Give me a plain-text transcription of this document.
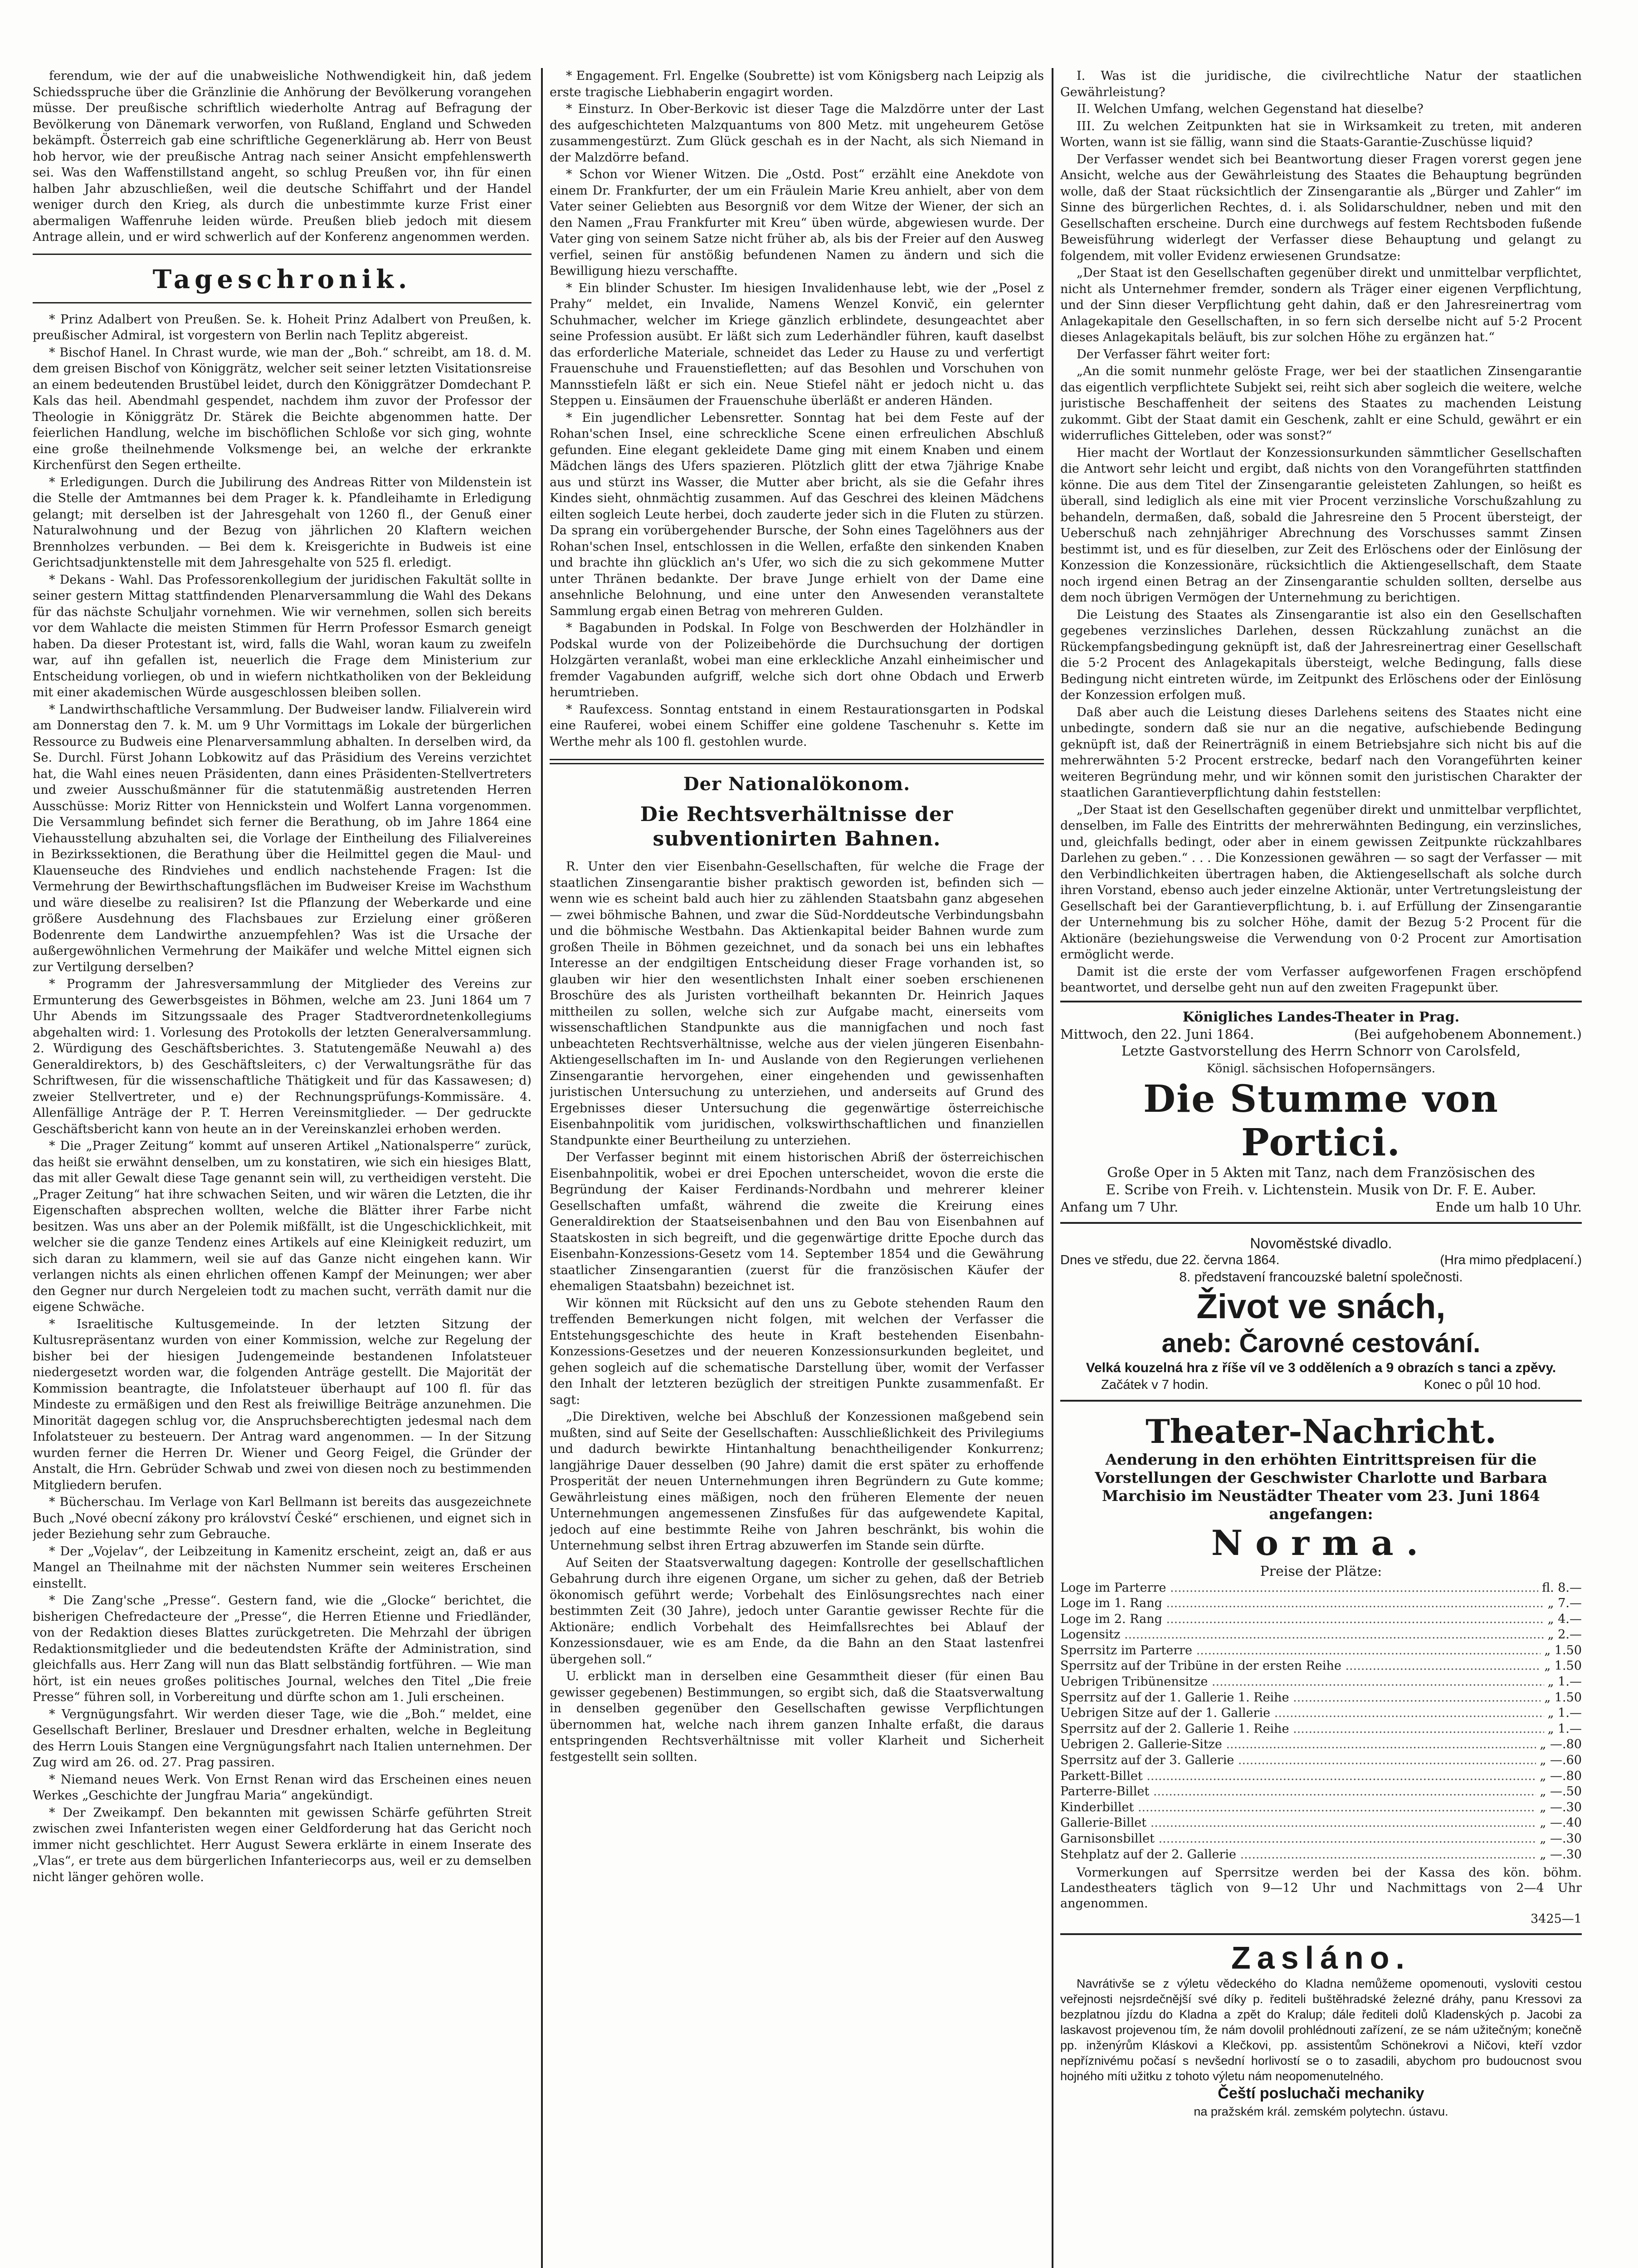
ferendum, wie der auf die unabweisliche Nothwendigkeit hin, daß jedem Schiedsspruche über die Gränzlinie die Anhörung der Bevölkerung vorangehen müsse. Der preußische schriftlich wiederholte Antrag auf Befragung der Bevölkerung von Dänemark verworfen, von Rußland, England und Schweden bekämpft. Österreich gab eine schriftliche Gegenerklärung ab. Herr von Beust hob hervor, wie der preußische Antrag nach seiner Ansicht empfehlenswerth sei. Was den Waffenstillstand angeht, so schlug Preußen vor, ihn für einen halben Jahr abzuschließen, weil die deutsche Schiffahrt und der Handel weniger durch den Krieg, als durch die unbestimmte kurze Frist einer abermaligen Waffenruhe leiden würde. Preußen blieb jedoch mit diesem Antrage allein, und er wird schwerlich auf der Konferenz angenommen werden.

Tageschronik.

* Prinz Adalbert von Preußen. Se. k. Hoheit Prinz Adalbert von Preußen, k. preußischer Admiral, ist vorgestern von Berlin nach Teplitz abgereist.

* Bischof Hanel. In Chrast wurde, wie man der „Boh.“ schreibt, am 18. d. M. dem greisen Bischof von Königgrätz, welcher seit seiner letzten Visitationsreise an einem bedeutenden Brustübel leidet, durch den Königgrätzer Domdechant P. Kals das heil. Abendmahl gespendet, nachdem ihm zuvor der Professor der Theologie in Königgrätz Dr. Stärek die Beichte abgenommen hatte. Der feierlichen Handlung, welche im bischöflichen Schloße vor sich ging, wohnte eine große theilnehmende Volksmenge bei, an welche der erkrankte Kirchenfürst den Segen ertheilte.

* Erledigungen. Durch die Jubilirung des Andreas Ritter von Mildenstein ist die Stelle der Amtmannes bei dem Prager k. k. Pfandleihamte in Erledigung gelangt; mit derselben ist der Jahresgehalt von 1260 fl., der Genuß einer Naturalwohnung und der Bezug von jährlichen 20 Klaftern weichen Brennholzes verbunden. — Bei dem k. Kreisgerichte in Budweis ist eine Gerichtsadjunktenstelle mit dem Jahresgehalte von 525 fl. erledigt.

* Dekans - Wahl. Das Professorenkollegium der juridischen Fakultät sollte in seiner gestern Mittag stattfindenden Plenarversammlung die Wahl des Dekans für das nächste Schuljahr vornehmen. Wie wir vernehmen, sollen sich bereits vor dem Wahlacte die meisten Stimmen für Herrn Professor Esmarch geneigt haben. Da dieser Protestant ist, wird, falls die Wahl, woran kaum zu zweifeln war, auf ihn gefallen ist, neuerlich die Frage dem Ministerium zur Entscheidung vorliegen, ob und in wiefern nichtkatholiken von der Bekleidung mit einer akademischen Würde ausgeschlossen bleiben sollen.

* Landwirthschaftliche Versammlung. Der Budweiser landw. Filialverein wird am Donnerstag den 7. k. M. um 9 Uhr Vormittags im Lokale der bürgerlichen Ressource zu Budweis eine Plenarversammlung abhalten. In derselben wird, da Se. Durchl. Fürst Johann Lobkowitz auf das Präsidium des Vereins verzichtet hat, die Wahl eines neuen Präsidenten, dann eines Präsidenten-Stellvertreters und zweier Ausschußmänner für die statutenmäßig austretenden Herren Ausschüsse: Moriz Ritter von Hennickstein und Wolfert Lanna vorgenommen. Die Versammlung befindet sich ferner die Berathung, ob im Jahre 1864 eine Viehausstellung abzuhalten sei, die Vorlage der Eintheilung des Filialvereines in Bezirkssektionen, die Berathung über die Heilmittel gegen die Maul- und Klauenseuche des Rindviehes und endlich nachstehende Fragen: Ist die Vermehrung der Bewirthschaftungsflächen im Budweiser Kreise im Wachsthum und wäre dieselbe zu realisiren? Ist die Pflanzung der Weberkarde und eine größere Ausdehnung des Flachsbaues zur Erzielung einer größeren Bodenrente dem Landwirthe anzuempfehlen? Was ist die Ursache der außergewöhnlichen Vermehrung der Maikäfer und welche Mittel eignen sich zur Vertilgung derselben?

* Programm der Jahresversammlung der Mitglieder des Vereins zur Ermunterung des Gewerbsgeistes in Böhmen, welche am 23. Juni 1864 um 7 Uhr Abends im Sitzungssaale des Prager Stadtverordnetenkollegiums abgehalten wird: 1. Vorlesung des Protokolls der letzten Generalversammlung. 2. Würdigung des Geschäftsberichtes. 3. Statutengemäße Neuwahl a) des Generaldirektors, b) des Geschäftsleiters, c) der Verwaltungsräthe für das Schriftwesen, für die wissenschaftliche Thätigkeit und für das Kassawesen; d) zweier Stellvertreter, und e) der Rechnungsprüfungs-Kommissäre. 4. Allenfällige Anträge der P. T. Herren Vereinsmitglieder. — Der gedruckte Geschäftsbericht kann von heute an in der Vereinskanzlei erhoben werden.

* Die „Prager Zeitung“ kommt auf unseren Artikel „Nationalsperre“ zurück, das heißt sie erwähnt denselben, um zu konstatiren, wie sich ein hiesiges Blatt, das mit aller Gewalt diese Tage genannt sein will, zu vertheidigen versteht. Die „Prager Zeitung“ hat ihre schwachen Seiten, und wir wären die Letzten, die ihr Eigenschaften absprechen wollten, welche die Blätter ihrer Farbe nicht besitzen. Was uns aber an der Polemik mißfällt, ist die Ungeschicklichkeit, mit welcher sie die ganze Tendenz eines Artikels auf eine Kleinigkeit reduzirt, um sich daran zu klammern, weil sie auf das Ganze nicht eingehen kann. Wir verlangen nichts als einen ehrlichen offenen Kampf der Meinungen; wer aber den Gegner nur durch Nergeleien todt zu machen sucht, verräth damit nur die eigene Schwäche.

* Israelitische Kultusgemeinde. In der letzten Sitzung der Kultusrepräsentanz wurden von einer Kommission, welche zur Regelung der bisher bei der hiesigen Judengemeinde bestandenen Infolatsteuer niedergesetzt worden war, die folgenden Anträge gestellt. Die Majorität der Kommission beantragte, die Infolatsteuer überhaupt auf 100 fl. für das Mindeste zu ermäßigen und den Rest als freiwillige Beiträge anzunehmen. Die Minorität dagegen schlug vor, die Anspruchsberechtigten jedesmal nach dem Infolatsteuer zu besteuern. Der Antrag ward angenommen. — In der Sitzung wurden ferner die Herren Dr. Wiener und Georg Feigel, die Gründer der Anstalt, die Hrn. Gebrüder Schwab und zwei von diesen noch zu bestimmenden Mitgliedern berufen.

* Bücherschau. Im Verlage von Karl Bellmann ist bereits das ausgezeichnete Buch „Nové obecní zákony pro království České“ erschienen, und eignet sich in jeder Beziehung sehr zum Gebrauche.

* Der „Vojelav“, der Leibzeitung in Kamenitz erscheint, zeigt an, daß er aus Mangel an Theilnahme mit der nächsten Nummer sein weiteres Erscheinen einstellt.

* Die Zang'sche „Presse“. Gestern fand, wie die „Glocke“ berichtet, die bisherigen Chefredacteure der „Presse“, die Herren Etienne und Friedländer, von der Redaktion dieses Blattes zurückgetreten. Die Mehrzahl der übrigen Redaktionsmitglieder und die bedeutendsten Kräfte der Administration, sind gleichfalls aus. Herr Zang will nun das Blatt selbständig fortführen. — Wie man hört, ist ein neues großes politisches Journal, welches den Titel „Die freie Presse“ führen soll, in Vorbereitung und dürfte schon am 1. Juli erscheinen.

* Vergnügungsfahrt. Wir werden dieser Tage, wie die „Boh.“ meldet, eine Gesellschaft Berliner, Breslauer und Dresdner erhalten, welche in Begleitung des Herrn Louis Stangen eine Vergnügungsfahrt nach Italien unternehmen. Der Zug wird am 26. od. 27. Prag passiren.

* Niemand neues Werk. Von Ernst Renan wird das Erscheinen eines neuen Werkes „Geschichte der Jungfrau Maria“ angekündigt.

* Der Zweikampf. Den bekannten mit gewissen Schärfe geführten Streit zwischen zwei Infanteristen wegen einer Geldforderung hat das Gericht noch immer nicht geschlichtet. Herr August Sewera erklärte in einem Inserate des „Vlas“, er trete aus dem bürgerlichen Infanteriecorps aus, weil er zu demselben nicht länger gehören wolle.

* Engagement. Frl. Engelke (Soubrette) ist vom Königsberg nach Leipzig als erste tragische Liebhaberin engagirt worden.

* Einsturz. In Ober-Berkovic ist dieser Tage die Malzdörre unter der Last des aufgeschichteten Malzquantums von 800 Metz. mit ungeheurem Getöse zusammengestürzt. Zum Glück geschah es in der Nacht, als sich Niemand in der Malzdörre befand.

* Schon vor Wiener Witzen. Die „Ostd. Post“ erzählt eine Anekdote von einem Dr. Frankfurter, der um ein Fräulein Marie Kreu anhielt, aber von dem Vater seiner Geliebten aus Besorgniß vor dem Witze der Wiener, der sich an den Namen „Frau Frankfurter mit Kreu“ üben würde, abgewiesen wurde. Der Vater ging von seinem Satze nicht früher ab, als bis der Freier auf den Ausweg verfiel, seinen für anstößig befundenen Namen zu ändern und sich die Bewilligung hiezu verschaffte.

* Ein blinder Schuster. Im hiesigen Invalidenhause lebt, wie der „Posel z Prahy“ meldet, ein Invalide, Namens Wenzel Konvič, ein gelernter Schuhmacher, welcher im Kriege gänzlich erblindete, desungeachtet aber seine Profession ausübt. Er läßt sich zum Lederhändler führen, kauft daselbst das erforderliche Materiale, schneidet das Leder zu Hause zu und verfertigt Frauenschuhe und Frauenstiefletten; auf das Besohlen und Vorschuhen von Mannsstiefeln läßt er sich ein. Neue Stiefel näht er jedoch nicht u. das Steppen u. Einsäumen der Frauenschuhe überläßt er anderen Händen.

* Ein jugendlicher Lebensretter. Sonntag hat bei dem Feste auf der Rohan'schen Insel, eine schreckliche Scene einen erfreulichen Abschluß gefunden. Eine elegant gekleidete Dame ging mit einem Knaben und einem Mädchen längs des Ufers spazieren. Plötzlich glitt der etwa 7jährige Knabe aus und stürzt ins Wasser, die Mutter aber bricht, als sie die Gefahr ihres Kindes sieht, ohnmächtig zusammen. Auf das Geschrei des kleinen Mädchens eilten sogleich Leute herbei, doch zauderte jeder sich in die Fluten zu stürzen. Da sprang ein vorübergehender Bursche, der Sohn eines Tagelöhners aus der Rohan'schen Insel, entschlossen in die Wellen, erfaßte den sinkenden Knaben und brachte ihn glücklich an's Ufer, wo sich die zu sich gekommene Mutter unter Thränen bedankte. Der brave Junge erhielt von der Dame eine ansehnliche Belohnung, und eine unter den Anwesenden veranstaltete Sammlung ergab einen Betrag von mehreren Gulden.

* Bagabunden in Podskal. In Folge von Beschwerden der Holzhändler in Podskal wurde von der Polizeibehörde die Durchsuchung der dortigen Holzgärten veranlaßt, wobei man eine erkleckliche Anzahl einheimischer und fremder Vagabunden aufgriff, welche sich dort ohne Obdach und Erwerb herumtrieben.

* Raufexcess. Sonntag entstand in einem Restaurationsgarten in Podskal eine Rauferei, wobei einem Schiffer eine goldene Taschenuhr s. Kette im Werthe mehr als 100 fl. gestohlen wurde.

Der Nationalökonom.
Die Rechtsverhältnisse der subventionirten Bahnen.

R. Unter den vier Eisenbahn-Gesellschaften, für welche die Frage der staatlichen Zinsengarantie bisher praktisch geworden ist, befinden sich — wenn wie es scheint bald auch hier zu zählenden Staatsbahn ganz abgesehen — zwei böhmische Bahnen, und zwar die Süd-Norddeutsche Verbindungsbahn und die böhmische Westbahn. Das Aktienkapital beider Bahnen wurde zum großen Theile in Böhmen gezeichnet, und da sonach bei uns ein lebhaftes Interesse an der endgiltigen Entscheidung dieser Frage vorhanden ist, so glauben wir hier den wesentlichsten Inhalt einer soeben erschienenen Broschüre des als Juristen vortheilhaft bekannten Dr. Heinrich Jaques mittheilen zu sollen, welche sich zur Aufgabe macht, einerseits vom wissenschaftlichen Standpunkte aus die mannigfachen und noch fast unbeachteten Rechtsverhältnisse, welche aus der vielen jüngeren Eisenbahn-Aktiengesellschaften im In- und Auslande von den Regierungen verliehenen Zinsengarantie hervorgehen, einer eingehenden und gewissenhaften juristischen Untersuchung zu unterziehen, und anderseits auf Grund des Ergebnisses dieser Untersuchung die gegenwärtige österreichische Eisenbahnpolitik vom juridischen, volkswirthschaftlichen und finanziellen Standpunkte einer Beurtheilung zu unterziehen.

Der Verfasser beginnt mit einem historischen Abriß der österreichischen Eisenbahnpolitik, wobei er drei Epochen unterscheidet, wovon die erste die Begründung der Kaiser Ferdinands-Nordbahn und mehrerer kleiner Gesellschaften umfaßt, während die zweite die Kreirung eines Generaldirektion der Staatseisenbahnen und den Bau von Eisenbahnen auf Staatskosten in sich begreift, und die gegenwärtige dritte Epoche durch das Eisenbahn-Konzessions-Gesetz vom 14. September 1854 und die Gewährung staatlicher Zinsengarantien (zuerst für die französischen Käufer der ehemaligen Staatsbahn) bezeichnet ist.

Wir können mit Rücksicht auf den uns zu Gebote stehenden Raum den treffenden Bemerkungen nicht folgen, mit welchen der Verfasser die Entstehungsgeschichte des heute in Kraft bestehenden Eisenbahn-Konzessions-Gesetzes und der neueren Konzessionsurkunden begleitet, und gehen sogleich auf die schematische Darstellung über, womit der Verfasser den Inhalt der letzteren bezüglich der streitigen Punkte zusammenfaßt. Er sagt:

„Die Direktiven, welche bei Abschluß der Konzessionen maßgebend sein mußten, sind auf Seite der Gesellschaften: Ausschließlichkeit des Privilegiums und dadurch bewirkte Hintanhaltung benachtheiligender Konkurrenz; langjährige Dauer desselben (90 Jahre) damit die erst später zu erhoffende Prosperität der neuen Unternehmungen ihren Begründern zu Gute komme; Gewährleistung eines mäßigen, noch den früheren Elemente der neuen Unternehmungen angemessenen Zinsfußes für das aufgewendete Kapital, jedoch auf eine bestimmte Reihe von Jahren beschränkt, bis wohin die Unternehmung selbst ihren Ertrag abzuwerfen im Stande sein dürfte.

Auf Seiten der Staatsverwaltung dagegen: Kontrolle der gesellschaftlichen Gebahrung durch ihre eigenen Organe, um sicher zu gehen, daß der Betrieb ökonomisch geführt werde; Vorbehalt des Einlösungsrechtes nach einer bestimmten Zeit (30 Jahre), jedoch unter Garantie gewisser Rechte für die Aktionäre; endlich Vorbehalt des Heimfallsrechtes bei Ablauf der Konzessionsdauer, wie es am Ende, da die Bahn an den Staat lastenfrei übergehen soll.“

U. erblickt man in derselben eine Gesammtheit dieser (für einen Bau gewisser gegebenen) Bestimmungen, so ergibt sich, daß die Staatsverwaltung in denselben gegenüber den Gesellschaften gewisse Verpflichtungen übernommen hat, welche nach ihrem ganzen Inhalte erfaßt, die daraus entspringenden Rechtsverhältnisse mit voller Klarheit und Sicherheit festgestellt sein sollten.

I. Was ist die juridische, die civilrechtliche Natur der staatlichen Gewährleistung?

II. Welchen Umfang, welchen Gegenstand hat dieselbe?

III. Zu welchen Zeitpunkten hat sie in Wirksamkeit zu treten, mit anderen Worten, wann ist sie fällig, wann sind die Staats-Garantie-Zuschüsse liquid?

Der Verfasser wendet sich bei Beantwortung dieser Fragen vorerst gegen jene Ansicht, welche aus der Gewährleistung des Staates die Behauptung begründen wolle, daß der Staat rücksichtlich der Zinsengarantie als „Bürger und Zahler“ im Sinne des bürgerlichen Rechtes, d. i. als Solidarschuldner, neben und mit den Gesellschaften erscheine. Durch eine durchwegs auf festem Rechtsboden fußende Beweisführung widerlegt der Verfasser diese Behauptung und gelangt zu folgendem, mit voller Evidenz erwiesenen Grundsatze:

„Der Staat ist den Gesellschaften gegenüber direkt und unmittelbar verpflichtet, nicht als Unternehmer fremder, sondern als Träger einer eigenen Verpflichtung, und der Sinn dieser Verpflichtung geht dahin, daß er den Jahresreinertrag vom Anlagekapitale den Gesellschaften, in so fern sich derselbe nicht auf 5·2 Procent dieses Anlagekapitals beläuft, bis zur solchen Höhe zu ergänzen hat.“

Der Verfasser fährt weiter fort:

„An die somit nunmehr gelöste Frage, wer bei der staatlichen Zinsengarantie das eigentlich verpflichtete Subjekt sei, reiht sich aber sogleich die weitere, welche juristische Beschaffenheit der seitens des Staates zu machenden Leistung zukommt. Gibt der Staat damit ein Geschenk, zahlt er eine Schuld, gewährt er ein widerrufliches Gitteleben, oder was sonst?“

Hier macht der Wortlaut der Konzessionsurkunden sämmtlicher Gesellschaften die Antwort sehr leicht und ergibt, daß nichts von den Vorangeführten stattfinden könne. Die aus dem Titel der Zinsengarantie geleisteten Zahlungen, so heißt es überall, sind lediglich als eine mit vier Procent verzinsliche Vorschußzahlung zu behandeln, dermaßen, daß, sobald die Jahresreine den 5 Procent übersteigt, der Ueberschuß nach zehnjähriger Abrechnung des Vorschusses sammt Zinsen bestimmt ist, und es für dieselben, zur Zeit des Erlöschens oder der Einlösung der Konzession die Konzessionäre, rücksichtlich die Aktiengesellschaft, dem Staate noch irgend einen Betrag an der Zinsengarantie schulden sollten, derselbe aus dem noch übrigen Vermögen der Unternehmung zu berichtigen.

Die Leistung des Staates als Zinsengarantie ist also ein den Gesellschaften gegebenes verzinsliches Darlehen, dessen Rückzahlung zunächst an die Rückempfangsbedingung geknüpft ist, daß der Jahresreinertrag einer Gesellschaft die 5·2 Procent des Anlagekapitals übersteigt, welche Bedingung, falls diese Bedingung nicht eintreten würde, im Zeitpunkt des Erlöschens oder der Einlösung der Konzession erfolgen muß.

Daß aber auch die Leistung dieses Darlehens seitens des Staates nicht eine unbedingte, sondern daß sie nur an die negative, aufschiebende Bedingung geknüpft ist, daß der Reinerträgniß in einem Betriebsjahre sich nicht bis auf die mehrerwähnten 5·2 Procent erstrecke, bedarf nach den Vorangeführten keiner weiteren Begründung mehr, und wir können somit den juristischen Charakter der staatlichen Garantieverpflichtung dahin feststellen:

„Der Staat ist den Gesellschaften gegenüber direkt und unmittelbar verpflichtet, denselben, im Falle des Eintritts der mehrerwähnten Bedingung, ein verzinsliches, und, gleichfalls bedingt, oder aber in einem gewissen Zeitpunkte rückzahlbares Darlehen zu geben.“ . . . Die Konzessionen gewähren — so sagt der Verfasser — mit den Verbindlichkeiten übertragen haben, die Aktiengesellschaft als solche durch ihren Vorstand, ebenso auch jeder einzelne Aktionär, unter Vertretungsleistung der Gesellschaft bei der Garantieverpflichtung, b. i. auf Erfüllung der Zinsengarantie der Unternehmung bis zu solcher Höhe, damit der Bezug 5·2 Procent für die Aktionäre (beziehungsweise die Verwendung von 0·2 Procent zur Amortisation ermöglicht werde.

Damit ist die erste der vom Verfasser aufgeworfenen Fragen erschöpfend beantwortet, und derselbe geht nun auf den zweiten Fragepunkt über.

Königliches Landes-Theater in Prag.
Mittwoch, den 22. Juni 1864.	(Bei aufgehobenem Abonnement.)
Letzte Gastvorstellung des Herrn Schnorr von Carolsfeld,
Königl. sächsischen Hofopernsängers.
Die Stumme von Portici.
Große Oper in 5 Akten mit Tanz, nach dem Französischen des
E. Scribe von Freih. v. Lichtenstein. Musik von Dr. F. E. Auber.
Anfang um 7 Uhr.	Ende um halb 10 Uhr.
Novoměstské divadlo.
Dnes ve středu, due 22. června 1864.	(Hra mimo předplacení.)
8. představení francouzské baletní společnosti.
Život ve snách,
aneb: Čarovné cestování.
Velká kouzelná hra z říše víl ve 3 odděleních a 9 obrazích s tanci a zpěvy.
Začátek v 7 hodin.	Konec o půl 10 hod.
Theater-Nachricht.
Aenderung in den erhöhten Eintrittspreisen für die Vorstellungen der Geschwister Charlotte und Barbara Marchisio im Neustädter Theater vom 23. Juni 1864 angefangen:
Norma.
Preise der Plätze:
Loge im Parterre .....	fl. 8.—
Loge im 1. Rang .....	„ 7.—
Loge im 2. Rang .....	„ 4.—
Logensitz .....	„ 2.—
Sperrsitz im Parterre .....	„ 1.50
Sperrsitz auf der Tribüne in der ersten Reihe .....	„ 1.50
Uebrigen Tribünensitze .....	„ 1.—
Sperrsitz auf der 1. Gallerie 1. Reihe .....	„ 1.50
Uebrigen Sitze auf der 1. Gallerie .....	„ 1.—
Sperrsitz auf der 2. Gallerie 1. Reihe .....	„ 1.—
Uebrigen 2. Gallerie-Sitze .....	„ —.80
Sperrsitz auf der 3. Gallerie .....	„ —.60
Parkett-Billet .....	„ —.80
Parterre-Billet .....	„ —.50
Kinderbillet .....	„ —.30
Gallerie-Billet .....	„ —.40
Garnisonsbillet .....	„ —.30
Stehplatz auf der 2. Gallerie .....	„ —.30

Vormerkungen auf Sperrsitze werden bei der Kassa des kön. böhm. Landestheaters täglich von 9—12 Uhr und Nachmittags von 2—4 Uhr angenommen.

3425—1
Zasláno.

Navrátivše se z výletu vědeckého do Kladna nemůžeme opomenouti, vysloviti cestou veřejnosti nejsrdečnější své díky p. řediteli buštěhradské železné dráhy, panu Kressovi za bezplatnou jízdu do Kladna a zpět do Kralup; dále řediteli dolů Kladenských p. Jacobi za laskavost projevenou tím, že nám dovolil prohlédnouti zařízení, ze se nám užitečným; konečně pp. inženýrům Kláskovi a Klečkovi, pp. assistentům Schönekrovi a Ničovi, kteří vzdor nepříznivému počasí s nevšední horlivostí se o to zasadili, abychom pro budoucnost svou hojného míti užitku z tohoto výletu nám neopomenutelného.

Čeští posluchači mechaniky
na pražském král. zemském polytechn. ústavu.
